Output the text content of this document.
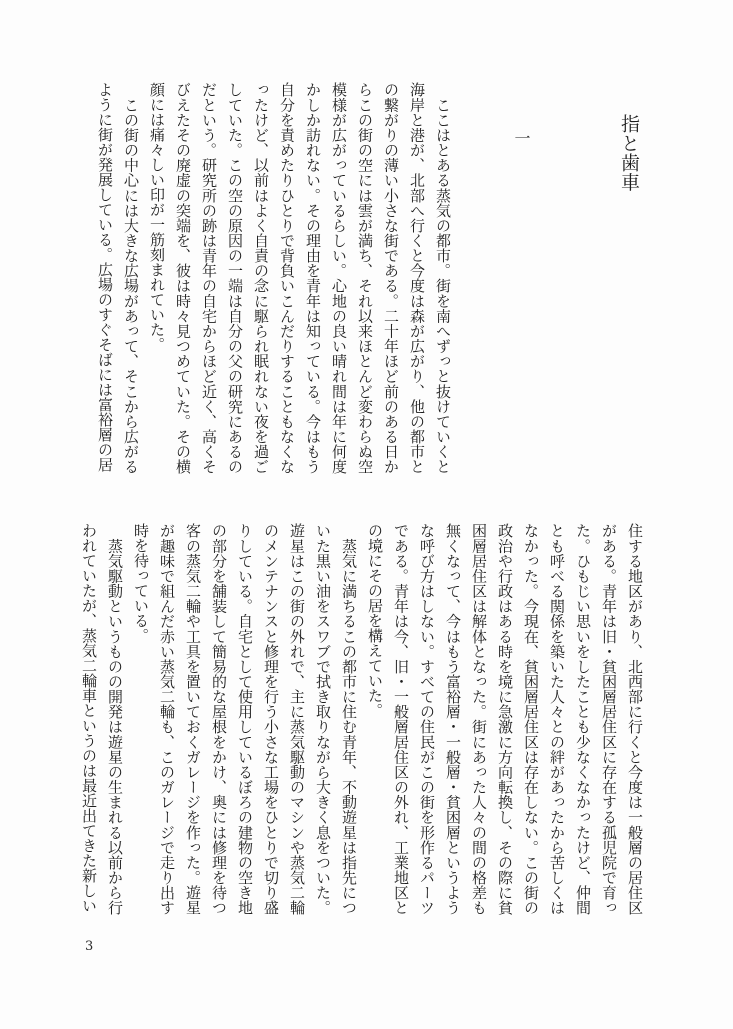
指と歯車
一

　ここはとある蒸気の都市。街を南へずっと抜けていくと海岸と港が、北部へ行くと今度は森が広がり、他の都市との繋がりの薄い小さな街である。二十年ほど前のある日からこの街の空には雲が満ち、それ以来ほとんど変わらぬ空模様が広がっているらしい。心地の良い晴れ間は年に何度かしか訪れない。その理由を青年は知っている。今はもう自分を責めたりひとりで背負いこんだりすることもなくなったけど、以前はよく自責の念に駆られ眠れない夜を過ごしていた。この空の原因の一端は自分の父の研究にあるのだという。研究所の跡は青年の自宅からほど近く、高くそびえたその廃虚の突端を、彼は時々見つめていた。その横顔には痛々しい印が一筋刻まれていた。

　この街の中心には大きな広場があって、そこから広がるように街が発展している。広場のすぐそばには富裕層の居

住する地区があり、北西部に行くと今度は一般層の居住区がある。青年は旧・貧困層居住区に存在する孤児院で育った。ひもじい思いをしたことも少なくなかったけど、仲間とも呼べる関係を築いた人々との絆があったから苦しくはなかった。今現在、貧困層居住区は存在しない。この街の政治や行政はある時を境に急激に方向転換し、その際に貧困層居住区は解体となった。街にあった人々の間の格差も無くなって、今はもう富裕層・一般層・貧困層というような呼び方はしない。すべての住民がこの街を形作るパーツである。青年は今、旧・一般層居住区の外れ、工業地区との境にその居を構えていた。

　蒸気に満ちるこの都市に住む青年、不動遊星は指先についた黒い油をスワブで拭き取りながら大きく息をついた。遊星はこの街の外れで、主に蒸気駆動のマシンや蒸気二輪のメンテナンスと修理を行う小さな工場をひとりで切り盛りしている。自宅として使用しているぼろの建物の空き地の部分を舗装して簡易的な屋根をかけ、奥には修理を待つ客の蒸気二輪や工具を置いておくガレージを作った。遊星が趣味で組んだ赤い蒸気二輪も、このガレージで走り出す時を待っている。

　蒸気駆動というものの開発は遊星の生まれる以前から行われていたが、蒸気二輪車というのは最近出てきた新しい

3
